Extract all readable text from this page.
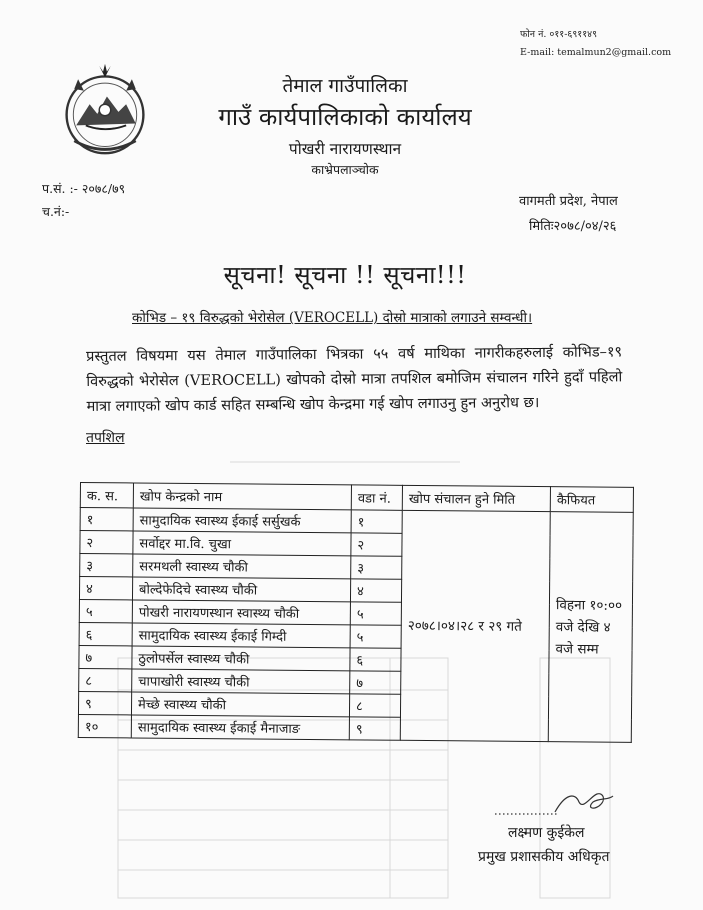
फोन नं. ०११-६९११४९
E-mail: temalmun2@gmail.com
तेमाल गाउँपालिका
गाउँ कार्यपालिकाको कार्यालय
पोखरी नारायणस्थान
काभ्रेपलाञ्चोक
प.सं. :- २०७८/७९
च.नं:-
वागमती प्रदेश, नेपाल
मितिः२०७८/०४/२६
सूचना! सूचना !! सूचना!!!
कोभिड – १९ विरुद्धको भेरोसेल (VEROCELL) दोस्रो मात्राको लगाउने सम्वन्धी।
प्रस्तुतल विषयमा यस तेमाल गाउँपालिका भित्रका ५५ वर्ष माथिका नागरीकहरुलाई कोभिड–१९ विरुद्धको भेरोसेल (VEROCELL) खोपको दोस्रो मात्रा तपशिल बमोजिम संचालन गरिने हुदाँ पहिलो मात्रा लगाएको खोप कार्ड सहित सम्बन्धि खोप केन्द्रमा गई खोप लगाउनु हुन अनुरोध छ।
तपशिल
क. स.	खोप केन्द्रको नाम	वडा नं.	खोप संचालन हुने मिति	कैफियत
१	सामुदायिक स्वास्थ्य ईकाई सर्सुखर्क	१	२०७८।०४।२८ र २९ गते	विहना १०:०० वजे देखि ४ वजे सम्म
२	सर्वोद्दर मा.वि. चुखा	२		
३	सरमथली स्वास्थ्य चौकी	३		
४	बोल्देफेदिचे स्वास्थ्य चौकी	४		
५	पोखरी नारायणस्थान स्वास्थ्य चौकी	५		
६	सामुदायिक स्वास्थ्य ईकाई गिम्दी	५		
७	ठुलोपर्सेल स्वास्थ्य चौकी	६		
८	चापाखोरी स्वास्थ्य चौकी	७		
९	मेच्छे स्वास्थ्य चौकी	८		
१०	सामुदायिक स्वास्थ्य ईकाई मैनाजाङ	९		
लक्ष्मण कुईकेल
प्रमुख प्रशासकीय अधिकृत
